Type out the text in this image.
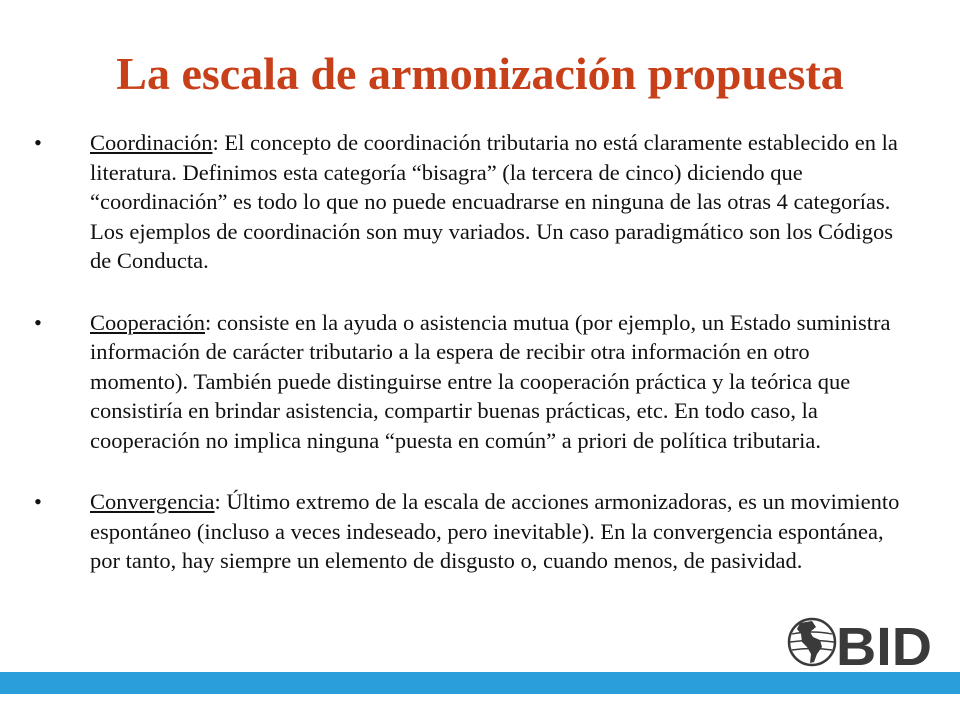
La escala de armonización propuesta
• Coordinación: El concepto de coordinación tributaria no está claramente establecido en la literatura. Definimos esta categoría “bisagra” (la tercera de cinco) diciendo que “coordinación” es todo lo que no puede encuadrarse en ninguna de las otras 4 categorías. Los ejemplos de coordinación son muy variados. Un caso paradigmático son los Códigos de Conducta.
• Cooperación: consiste en la ayuda o asistencia mutua (por ejemplo, un Estado suministra información de carácter tributario a la espera de recibir otra información en otro momento). También puede distinguirse entre la cooperación práctica y la teórica que consistiría en brindar asistencia, compartir buenas prácticas, etc. En todo caso, la cooperación no implica ninguna “puesta en común” a priori de política tributaria.
• Convergencia: Último extremo de la escala de acciones armonizadoras, es un movimiento espontáneo (incluso a veces indeseado, pero inevitable). En la convergencia espontánea, por tanto, hay siempre un elemento de disgusto o, cuando menos, de pasividad.
BID
